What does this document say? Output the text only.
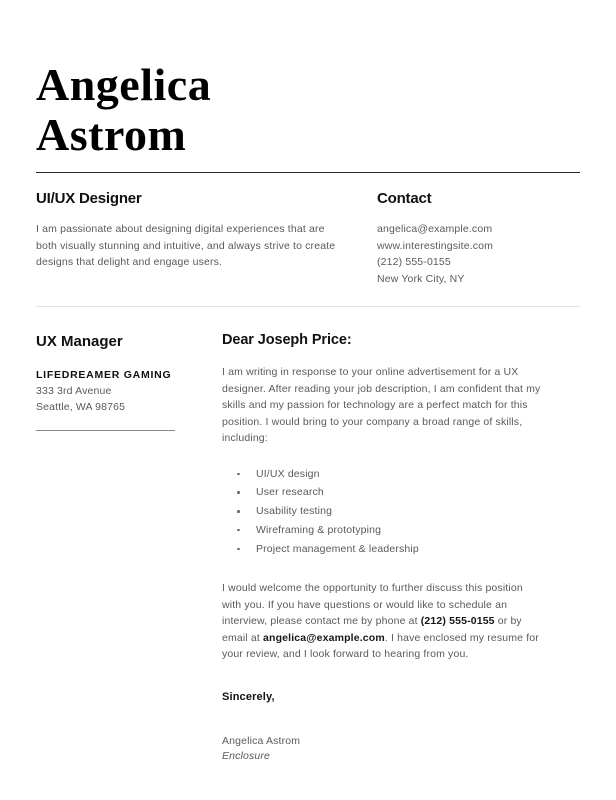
Angelica
Astrom
UI/UX Designer
I am passionate about designing digital experiences that are both visually stunning and intuitive, and always strive to create designs that delight and engage users.
Contact
angelica@example.com
www.interestingsite.com
(212) 555-0155
New York City, NY
UX Manager
LIFEDREAMER GAMING
333 3rd Avenue
Seattle, WA 98765
Dear Joseph Price:
I am writing in response to your online advertisement for a UX designer. After reading your job description, I am confident that my skills and my passion for technology are a perfect match for this position. I would bring to your company a broad range of skills, including:
UI/UX design
User research
Usability testing
Wireframing & prototyping
Project management & leadership
I would welcome the opportunity to further discuss this position with you. If you have questions or would like to schedule an interview, please contact me by phone at (212) 555-0155 or by email at angelica@example.com. I have enclosed my resume for your review, and I look forward to hearing from you.
Sincerely,
Angelica Astrom
Enclosure
